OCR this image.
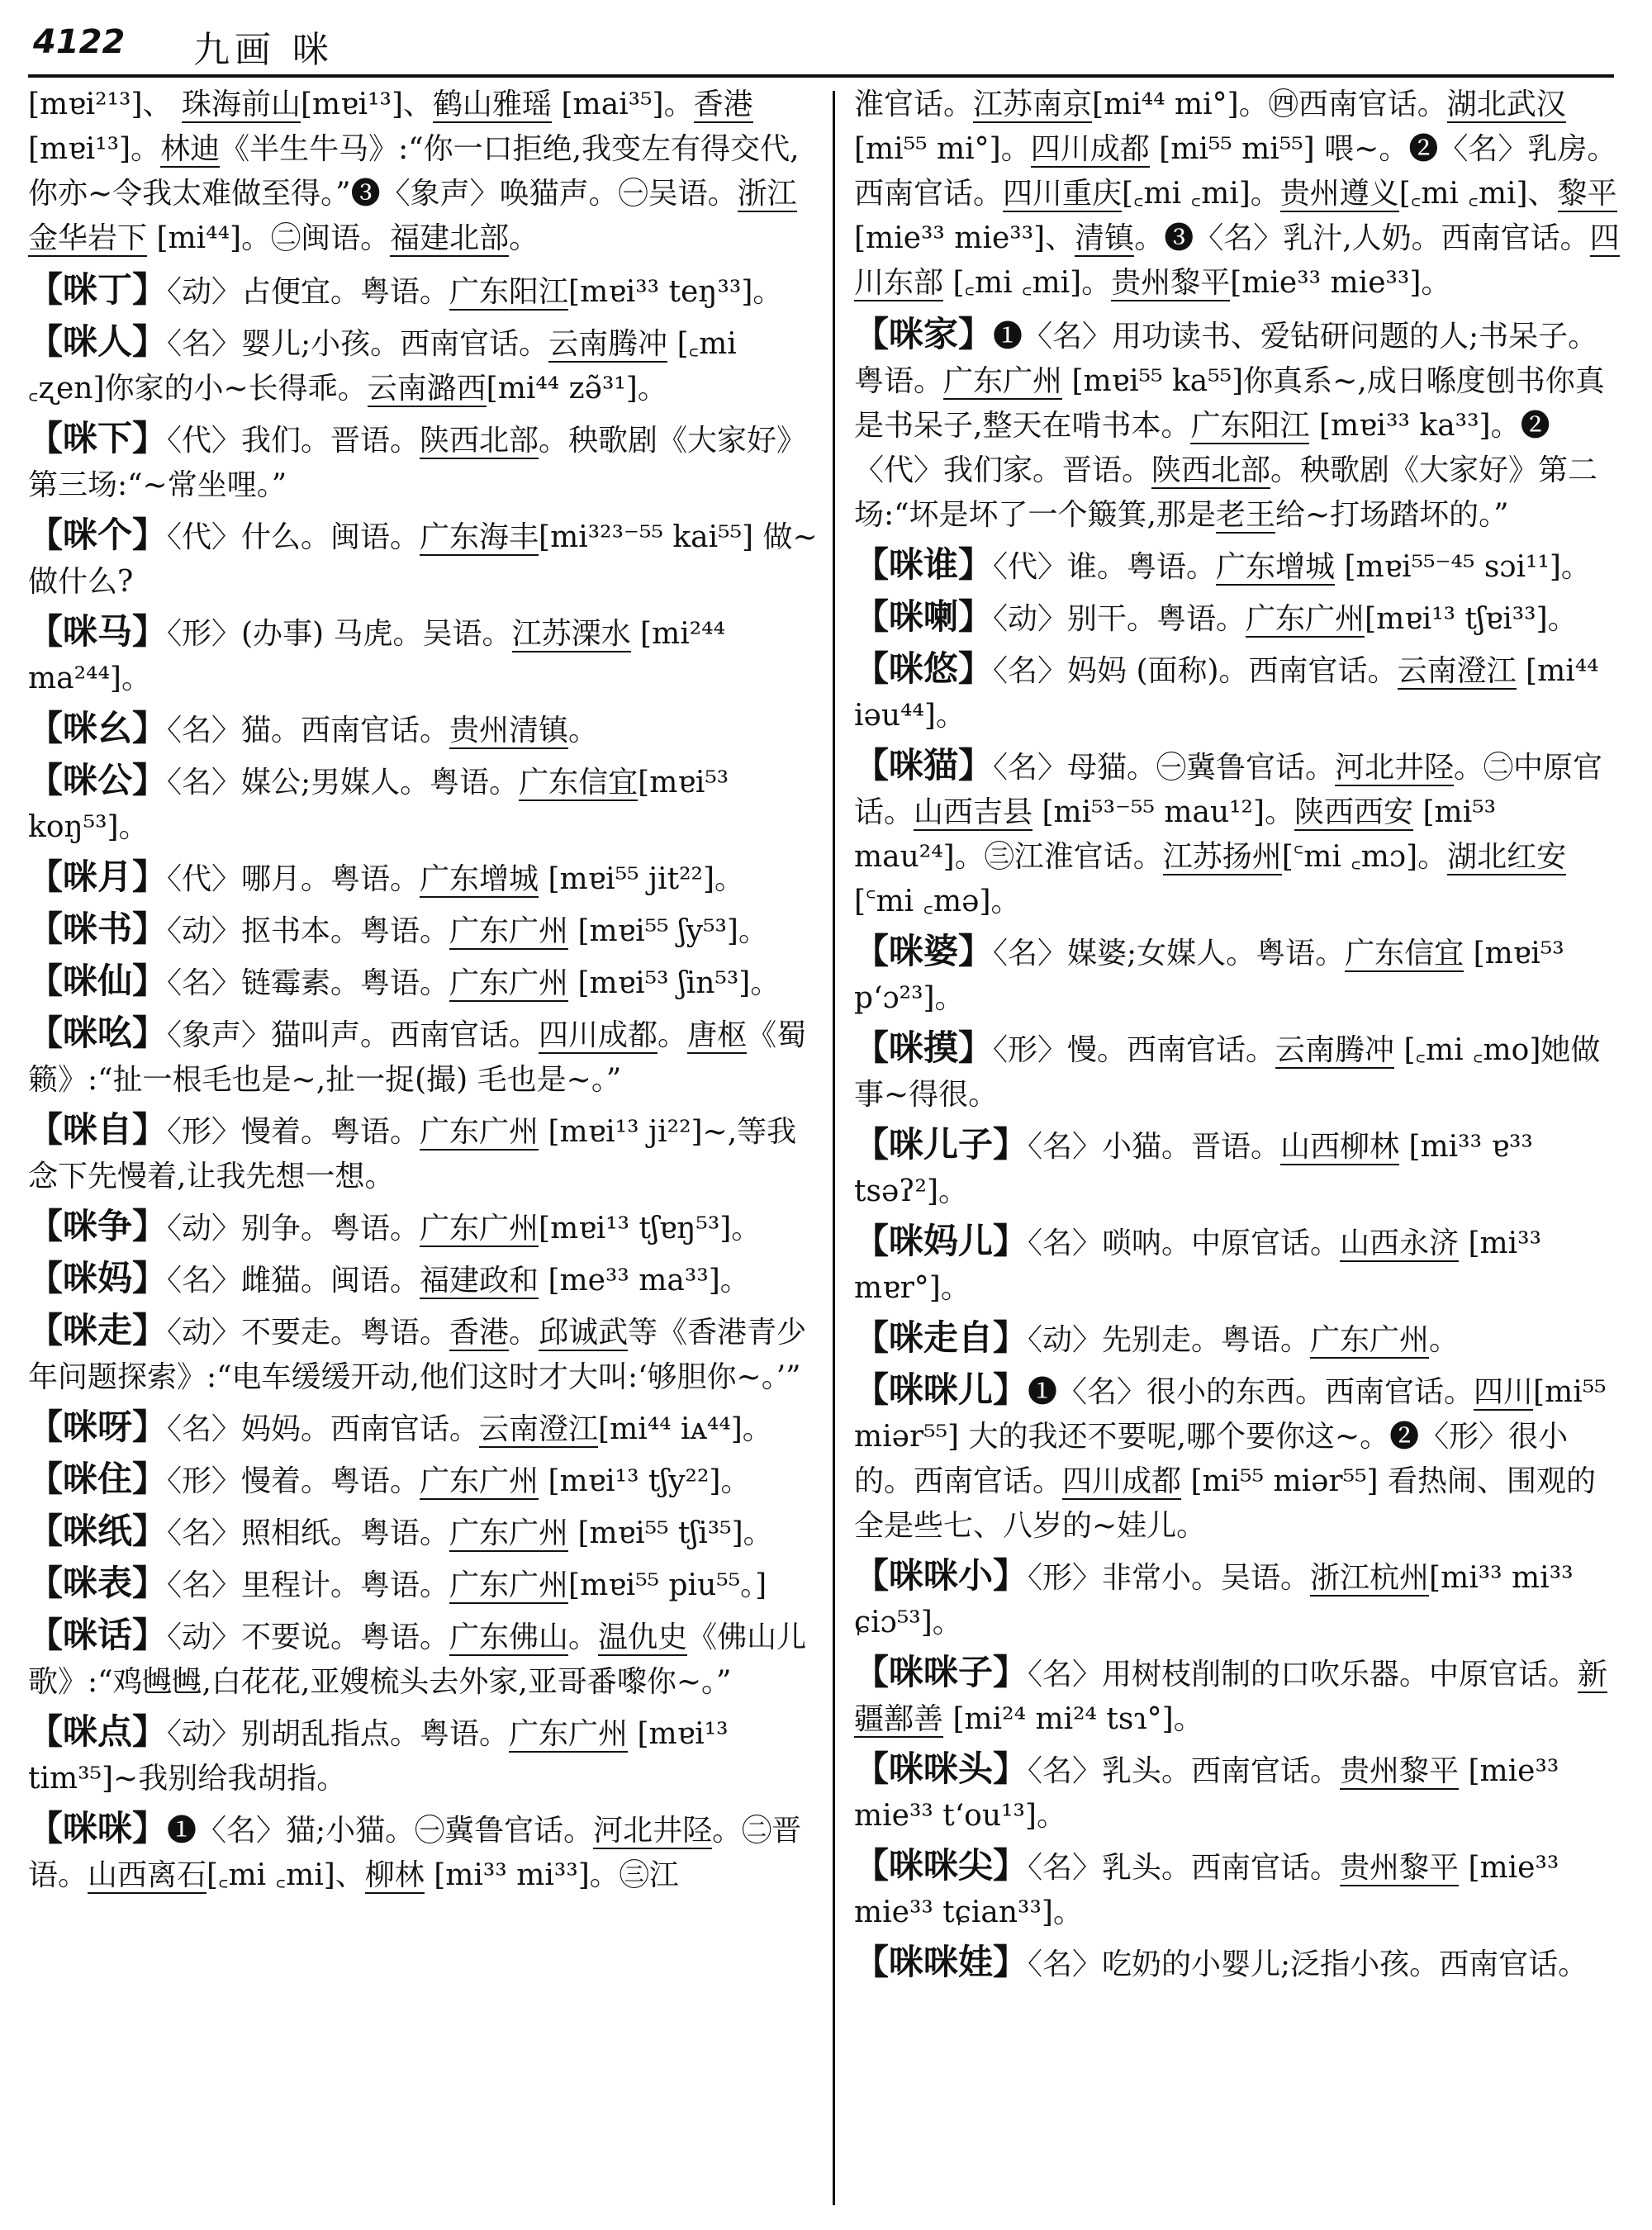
4122 九画 咪

[mɐi²¹³]、 珠海前山[mɐi¹³]、鹤山雅瑶 [mai³⁵]。香港 [mɐi¹³]。林迪《半生牛马》:“你一口拒绝,我变左有得交代,你亦~令我太难做至得。”❸〈象声〉唤猫声。㊀吴语。浙江金华岩下 [mi⁴⁴]。㊁闽语。福建北部。

【咪丁】〈动〉占便宜。粤语。广东阳江[mɐi³³ teŋ³³]。

【咪人】〈名〉婴儿;小孩。西南官话。云南腾冲 [꜀mi ꜀ʐen]你家的小~长得乖。云南潞西[mi⁴⁴ zə̃³¹]。

【咪下】〈代〉我们。晋语。陕西北部。秧歌剧《大家好》第三场:“~常坐哩。”

【咪个】〈代〉什么。闽语。广东海丰[mi³²³⁻⁵⁵ kai⁵⁵] 做~做什么?

【咪马】〈形〉(办事) 马虎。吴语。江苏溧水 [mi²⁴⁴ ma²⁴⁴]。

【咪幺】〈名〉猫。西南官话。贵州清镇。

【咪公】〈名〉媒公;男媒人。粤语。广东信宜[mɐi⁵³ koŋ⁵³]。

【咪月】〈代〉哪月。粤语。广东增城 [mɐi⁵⁵ jit²²]。

【咪书】〈动〉抠书本。粤语。广东广州 [mɐi⁵⁵ ʃy⁵³]。

【咪仙】〈名〉链霉素。粤语。广东广州 [mɐi⁵³ ʃin⁵³]。

【咪吆】〈象声〉猫叫声。西南官话。四川成都。唐枢《蜀籁》:“扯一根毛也是~,扯一捉(撮) 毛也是~。”

【咪自】〈形〉慢着。粤语。广东广州 [mɐi¹³ ji²²]~,等我念下先慢着,让我先想一想。

【咪争】〈动〉别争。粤语。广东广州[mɐi¹³ tʃɐŋ⁵³]。

【咪妈】〈名〉雌猫。闽语。福建政和 [me³³ ma³³]。

【咪走】〈动〉不要走。粤语。香港。邱诚武等《香港青少年问题探索》:“电车缓缓开动,他们这时才大叫:‘够胆你~。’”

【咪呀】〈名〉妈妈。西南官话。云南澄江[mi⁴⁴ iᴀ⁴⁴]。

【咪住】〈形〉慢着。粤语。广东广州 [mɐi¹³ tʃy²²]。

【咪纸】〈名〉照相纸。粤语。广东广州 [mɐi⁵⁵ tʃi³⁵]。

【咪表】〈名〉里程计。粤语。广东广州[mɐi⁵⁵ piu⁵⁵。]

【咪话】〈动〉不要说。粤语。广东佛山。温仇史《佛山儿歌》:“鸡乸乸,白花花,亚嫂梳头去外家,亚哥番嚟你~。”

【咪点】〈动〉别胡乱指点。粤语。广东广州 [mɐi¹³ tim³⁵]~我别给我胡指。

【咪咪】❶〈名〉猫;小猫。㊀冀鲁官话。河北井陉。㊁晋语。山西离石[꜀mi ꜀mi]、柳林 [mi³³ mi³³]。㊂江

淮官话。江苏南京[mi⁴⁴ mi°]。㊃西南官话。湖北武汉 [mi⁵⁵ mi°]。四川成都 [mi⁵⁵ mi⁵⁵] 喂~。❷〈名〉乳房。西南官话。四川重庆[꜀mi ꜀mi]。贵州遵义[꜀mi ꜀mi]、黎平[mie³³ mie³³]、清镇。❸〈名〉乳汁,人奶。西南官话。四川东部 [꜀mi ꜀mi]。贵州黎平[mie³³ mie³³]。

【咪家】❶〈名〉用功读书、爱钻研问题的人;书呆子。粤语。广东广州 [mɐi⁵⁵ ka⁵⁵]你真系~,成日喺度刨书你真是书呆子,整天在啃书本。广东阳江 [mɐi³³ ka³³]。❷〈代〉我们家。晋语。陕西北部。秧歌剧《大家好》第二场:“坏是坏了一个簸箕,那是老王给~打场踏坏的。”

【咪谁】〈代〉谁。粤语。广东增城 [mɐi⁵⁵⁻⁴⁵ sɔi¹¹]。

【咪喇】〈动〉别干。粤语。广东广州[mɐi¹³ tʃɐi³³]。

【咪悠】〈名〉妈妈 (面称)。西南官话。云南澄江 [mi⁴⁴ iəu⁴⁴]。

【咪猫】〈名〉母猫。㊀冀鲁官话。河北井陉。㊁中原官话。山西吉县 [mi⁵³⁻⁵⁵ mau¹²]。陕西西安 [mi⁵³ mau²⁴]。㊂江淮官话。江苏扬州[꜂mi ꜀mɔ]。湖北红安[꜂mi ꜀mə]。

【咪婆】〈名〉媒婆;女媒人。粤语。广东信宜 [mɐi⁵³ pʻɔ²³]。

【咪摸】〈形〉慢。西南官话。云南腾冲 [꜀mi ꜀mo]她做事~得很。

【咪儿子】〈名〉小猫。晋语。山西柳林 [mi³³ ɐ³³ tsəʔ²]。

【咪妈儿】〈名〉唢呐。中原官话。山西永济 [mi³³ mɐr°]。

【咪走自】〈动〉先别走。粤语。广东广州。

【咪咪儿】❶〈名〉很小的东西。西南官话。四川[mi⁵⁵ miər⁵⁵] 大的我还不要呢,哪个要你这~。❷〈形〉很小的。西南官话。四川成都 [mi⁵⁵ miər⁵⁵] 看热闹、围观的全是些七、八岁的~娃儿。

【咪咪小】〈形〉非常小。吴语。浙江杭州[mi³³ mi³³ ɕiɔ⁵³]。

【咪咪子】〈名〉用树枝削制的口吹乐器。中原官话。新疆鄯善 [mi²⁴ mi²⁴ tsɿ°]。

【咪咪头】〈名〉乳头。西南官话。贵州黎平 [mie³³ mie³³ tʻou¹³]。

【咪咪尖】〈名〉乳头。西南官话。贵州黎平 [mie³³ mie³³ tɕian³³]。

【咪咪娃】〈名〉吃奶的小婴儿;泛指小孩。西南官话。
